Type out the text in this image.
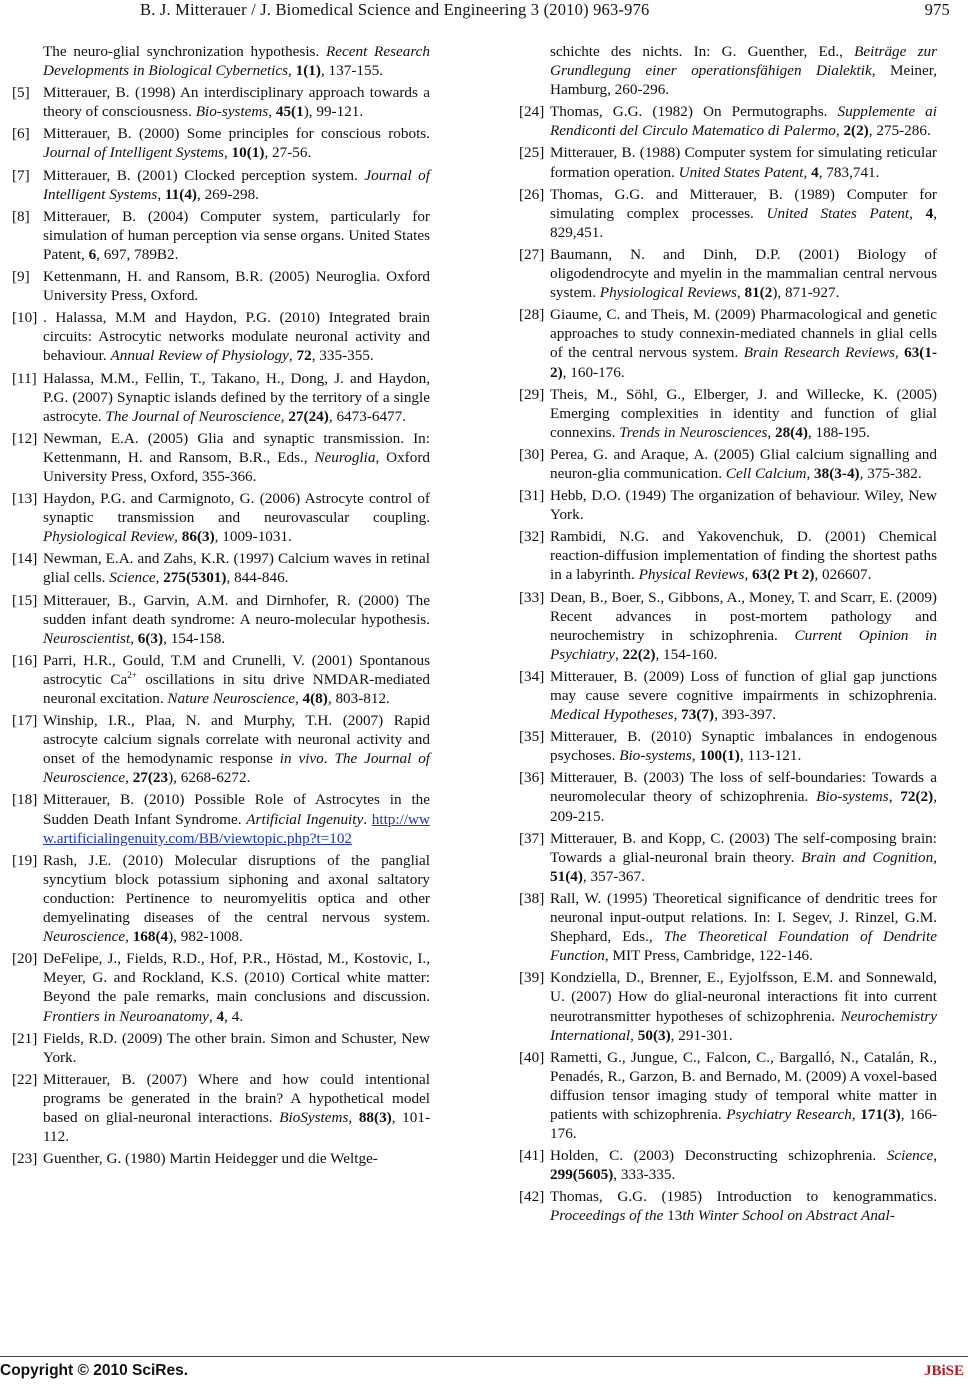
B. J. Mitterauer / J. Biomedical Science and Engineering 3 (2010) 963-976	975
The neuro-glial synchronization hypothesis. Recent Research Developments in Biological Cybernetics, 1(1), 137-155.
[5] Mitterauer, B. (1998) An interdisciplinary approach towards a theory of consciousness. Bio-systems, 45(1), 99-121.
[6] Mitterauer, B. (2000) Some principles for conscious robots. Journal of Intelligent Systems, 10(1), 27-56.
[7] Mitterauer, B. (2001) Clocked perception system. Journal of Intelligent Systems, 11(4), 269-298.
[8] Mitterauer, B. (2004) Computer system, particularly for simulation of human perception via sense organs. United States Patent, 6, 697, 789B2.
[9] Kettenmann, H. and Ransom, B.R. (2005) Neuroglia. Oxford University Press, Oxford.
[10] . Halassa, M.M and Haydon, P.G. (2010) Integrated brain circuits: Astrocytic networks modulate neuronal activity and behaviour. Annual Review of Physiology, 72, 335-355.
[11] Halassa, M.M., Fellin, T., Takano, H., Dong, J. and Haydon, P.G. (2007) Synaptic islands defined by the territory of a single astrocyte. The Journal of Neuroscience, 27(24), 6473-6477.
[12] Newman, E.A. (2005) Glia and synaptic transmission. In: Kettenmann, H. and Ransom, B.R., Eds., Neuroglia, Oxford University Press, Oxford, 355-366.
[13] Haydon, P.G. and Carmignoto, G. (2006) Astrocyte control of synaptic transmission and neurovascular coupling. Physiological Review, 86(3), 1009-1031.
[14] Newman, E.A. and Zahs, K.R. (1997) Calcium waves in retinal glial cells. Science, 275(5301), 844-846.
[15] Mitterauer, B., Garvin, A.M. and Dirnhofer, R. (2000) The sudden infant death syndrome: A neuro-molecular hypothesis. Neuroscientist, 6(3), 154-158.
[16] Parri, H.R., Gould, T.M and Crunelli, V. (2001) Spontanous astrocytic $Ca^{2+}$ oscillations in situ drive NMDAR-mediated neuronal excitation. Nature Neuroscience, 4(8), 803-812.
[17] Winship, I.R., Plaa, N. and Murphy, T.H. (2007) Rapid astrocyte calcium signals correlate with neuronal activity and onset of the hemodynamic response in vivo. The Journal of Neuroscience, 27(23), 6268-6272.
[18] Mitterauer, B. (2010) Possible Role of Astrocytes in the Sudden Death Infant Syndrome. Artificial Ingenuity. http://www.artificialingenuity.com/BB/viewtopic.php?t=102
[19] Rash, J.E. (2010) Molecular disruptions of the panglial syncytium block potassium siphoning and axonal saltatory conduction: Pertinence to neuromyelitis optica and other demyelinating diseases of the central nervous system. Neuroscience, 168(4), 982-1008.
[20] DeFelipe, J., Fields, R.D., Hof, P.R., Höstad, M., Kostovic, I., Meyer, G. and Rockland, K.S. (2010) Cortical white matter: Beyond the pale remarks, main conclusions and discussion. Frontiers in Neuroanatomy, 4, 4.
[21] Fields, R.D. (2009) The other brain. Simon and Schuster, New York.
[22] Mitterauer, B. (2007) Where and how could intentional programs be generated in the brain? A hypothetical model based on glial-neuronal interactions. BioSystems, 88(3), 101-112.
[23] Guenther, G. (1980) Martin Heidegger und die Weltge-
schichte des nichts. In: G. Guenther, Ed., Beiträge zur Grundlegung einer operationsfähigen Dialektik, Meiner, Hamburg, 260-296.
[24] Thomas, G.G. (1982) On Permutographs. Supplemente ai Rendiconti del Circulo Matematico di Palermo, 2(2), 275-286.
[25] Mitterauer, B. (1988) Computer system for simulating reticular formation operation. United States Patent, 4, 783,741.
[26] Thomas, G.G. and Mitterauer, B. (1989) Computer for simulating complex processes. United States Patent, 4, 829,451.
[27] Baumann, N. and Dinh, D.P. (2001) Biology of oligodendrocyte and myelin in the mammalian central nervous system. Physiological Reviews, 81(2), 871-927.
[28] Giaume, C. and Theis, M. (2009) Pharmacological and genetic approaches to study connexin-mediated channels in glial cells of the central nervous system. Brain Research Reviews, 63(1-2), 160-176.
[29] Theis, M., Söhl, G., Elberger, J. and Willecke, K. (2005) Emerging complexities in identity and function of glial connexins. Trends in Neurosciences, 28(4), 188-195.
[30] Perea, G. and Araque, A. (2005) Glial calcium signalling and neuron-glia communication. Cell Calcium, 38(3-4), 375-382.
[31] Hebb, D.O. (1949) The organization of behaviour. Wiley, New York.
[32] Rambidi, N.G. and Yakovenchuk, D. (2001) Chemical reaction-diffusion implementation of finding the shortest paths in a labyrinth. Physical Reviews, 63(2 Pt 2), 026607.
[33] Dean, B., Boer, S., Gibbons, A., Money, T. and Scarr, E. (2009) Recent advances in post-mortem pathology and neurochemistry in schizophrenia. Current Opinion in Psychiatry, 22(2), 154-160.
[34] Mitterauer, B. (2009) Loss of function of glial gap junctions may cause severe cognitive impairments in schizophrenia. Medical Hypotheses, 73(7), 393-397.
[35] Mitterauer, B. (2010) Synaptic imbalances in endogenous psychoses. Bio-systems, 100(1), 113-121.
[36] Mitterauer, B. (2003) The loss of self-boundaries: Towards a neuromolecular theory of schizophrenia. Bio-systems, 72(2), 209-215.
[37] Mitterauer, B. and Kopp, C. (2003) The self-composing brain: Towards a glial-neuronal brain theory. Brain and Cognition, 51(4), 357-367.
[38] Rall, W. (1995) Theoretical significance of dendritic trees for neuronal input-output relations. In: I. Segev, J. Rinzel, G.M. Shephard, Eds., The Theoretical Foundation of Dendrite Function, MIT Press, Cambridge, 122-146.
[39] Kondziella, D., Brenner, E., Eyjolfsson, E.M. and Sonnewald, U. (2007) How do glial-neuronal interactions fit into current neurotransmitter hypotheses of schizophrenia. Neurochemistry International, 50(3), 291-301.
[40] Rametti, G., Jungue, C., Falcon, C., Bargalló, N., Catalán, R., Penadés, R., Garzon, B. and Bernado, M. (2009) A voxel-based diffusion tensor imaging study of temporal white matter in patients with schizophrenia. Psychiatry Research, 171(3), 166-176.
[41] Holden, C. (2003) Deconstructing schizophrenia. Science, 299(5605), 333-335.
[42] Thomas, G.G. (1985) Introduction to kenogrammatics. Proceedings of the 13th Winter School on Abstract Anal-
Copyright © 2010 SciRes.	JBiSE
